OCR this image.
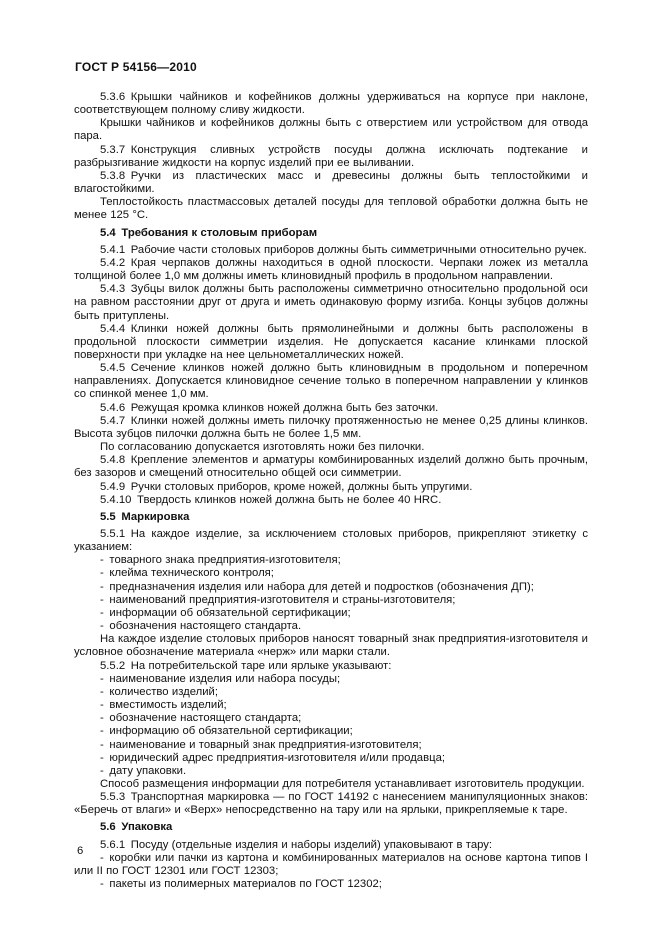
ГОСТ Р 54156—2010

5.3.6 Крышки чайников и кофейников должны удерживаться на корпусе при наклоне, соответствующем полному сливу жидкости.

Крышки чайников и кофейников должны быть с отверстием или устройством для отвода пара.

5.3.7 Конструкция сливных устройств посуды должна исключать подтекание и разбрызгивание жидкости на корпус изделий при ее выливании.

5.3.8 Ручки из пластических масс и древесины должны быть теплостойкими и влагостойкими.

Теплостойкость пластмассовых деталей посуды для тепловой обработки должна быть не менее 125 °C.

5.4 Требования к столовым приборам

5.4.1 Рабочие части столовых приборов должны быть симметричными относительно ручек.

5.4.2 Края черпаков должны находиться в одной плоскости. Черпаки ложек из металла толщиной более 1,0 мм должны иметь клиновидный профиль в продольном направлении.

5.4.3 Зубцы вилок должны быть расположены симметрично относительно продольной оси на равном расстоянии друг от друга и иметь одинаковую форму изгиба. Концы зубцов должны быть притуплены.

5.4.4 Клинки ножей должны быть прямолинейными и должны быть расположены в продольной плоскости симметрии изделия. Не допускается касание клинками плоской поверхности при укладке на нее цельнометаллических ножей.

5.4.5 Сечение клинков ножей должно быть клиновидным в продольном и поперечном направлениях. Допускается клиновидное сечение только в поперечном направлении у клинков со спинкой менее 1,0 мм.

5.4.6 Режущая кромка клинков ножей должна быть без заточки.

5.4.7 Клинки ножей должны иметь пилочку протяженностью не менее 0,25 длины клинков. Высота зубцов пилочки должна быть не более 1,5 мм.

По согласованию допускается изготовлять ножи без пилочки.

5.4.8 Крепление элементов и арматуры комбинированных изделий должно быть прочным, без зазоров и смещений относительно общей оси симметрии.

5.4.9 Ручки столовых приборов, кроме ножей, должны быть упругими.

5.4.10 Твердость клинков ножей должна быть не более 40 HRC.

5.5 Маркировка

5.5.1 На каждое изделие, за исключением столовых приборов, прикрепляют этикетку с указанием:

- товарного знака предприятия-изготовителя;

- клейма технического контроля;

- предназначения изделия или набора для детей и подростков (обозначения ДП);

- наименований предприятия-изготовителя и страны-изготовителя;

- информации об обязательной сертификации;

- обозначения настоящего стандарта.

На каждое изделие столовых приборов наносят товарный знак предприятия-изготовителя и условное обозначение материала «нерж» или марки стали.

5.5.2 На потребительской таре или ярлыке указывают:

- наименование изделия или набора посуды;

- количество изделий;

- вместимость изделий;

- обозначение настоящего стандарта;

- информацию об обязательной сертификации;

- наименование и товарный знак предприятия-изготовителя;

- юридический адрес предприятия-изготовителя и/или продавца;

- дату упаковки.

Способ размещения информации для потребителя устанавливает изготовитель продукции.

5.5.3 Транспортная маркировка — по ГОСТ 14192 с нанесением манипуляционных знаков: «Беречь от влаги» и «Верх» непосредственно на тару или на ярлыки, прикрепляемые к таре.

5.6 Упаковка

5.6.1 Посуду (отдельные изделия и наборы изделий) упаковывают в тару:

- коробки или пачки из картона и комбинированных материалов на основе картона типов I или II по ГОСТ 12301 или ГОСТ 12303;

- пакеты из полимерных материалов по ГОСТ 12302;

6
